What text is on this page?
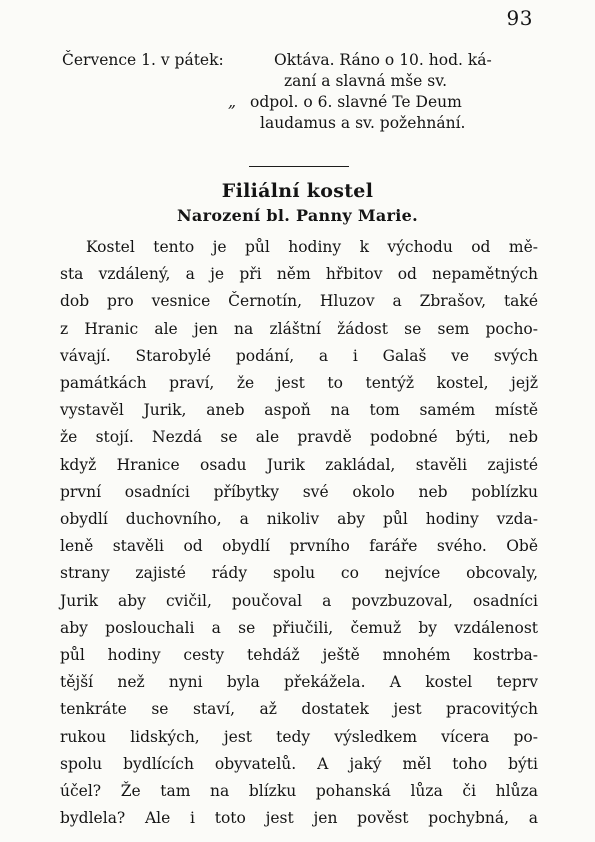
93
Července 1. v pátek:	Oktáva. Ráno o 10. hod. ká-
zaní a slavná mše sv.
„ odpol. o 6. slavné Te Deum
laudamus a sv. požehnání.
Filiální kostel
Narození bl. Panny Marie.
Kostel tento je půl hodiny k východu od mě-
sta vzdálený, a je při něm hřbitov od nepamětných
dob pro vesnice Černotín, Hluzov a Zbrašov, také
z Hranic ale jen na zláštní žádost se sem pocho-
vávají. Starobylé podání, a i Galaš ve svých
památkách praví, že jest to tentýž kostel, jejž
vystavěl Jurik, aneb aspoň na tom samém místě
že stojí. Nezdá se ale pravdě podobné býti, neb
když Hranice osadu Jurik zakládal, stavěli zajisté
první osadníci příbytky své okolo neb poblízku
obydlí duchovního, a nikoliv aby půl hodiny vzda-
leně stavěli od obydlí prvního faráře svého. Obě
strany zajisté rády spolu co nejvíce obcovaly,
Jurik aby cvičil, poučoval a povzbuzoval, osadníci
aby poslouchali a se přiučili, čemuž by vzdálenost
půl hodiny cesty tehdáž ještě mnohém kostrba-
tější než nyni byla překážela. A kostel teprv
tenkráte se staví, až dostatek jest pracovitých
rukou lidských, jest tedy výsledkem vícera po-
spolu bydlících obyvatelů. A jaký měl toho býti
účel? Že tam na blízku pohanská lůza či hlůza
bydlela? Ale i toto jest jen pověst pochybná, a
